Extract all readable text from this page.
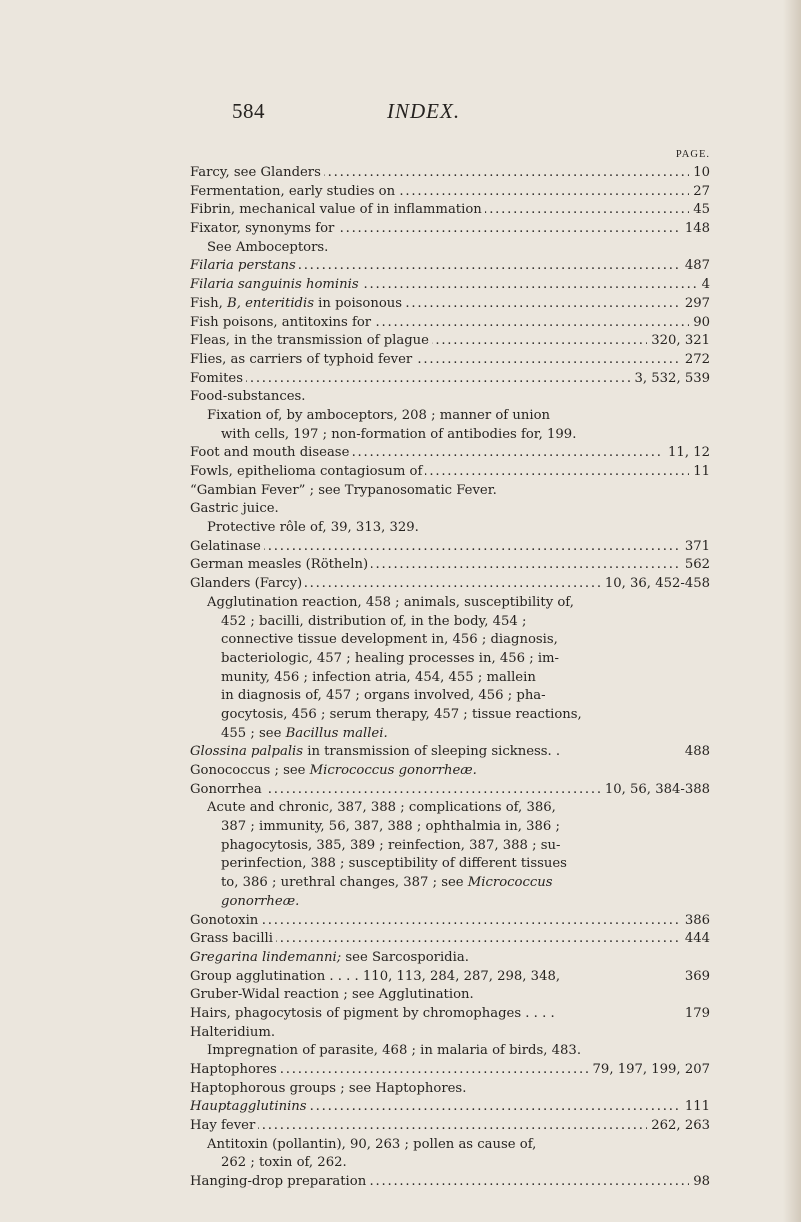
584	INDEX.
PAGE.
. . . Farcy, see Glanders	10
. . . Fermentation, early studies on	27
. . . Fibrin, mechanical value of in inflammation	45
. . . Fixator, synonyms for	148
See Amboceptors.
. . . Filaria perstans	487
. . . Filaria sanguinis hominis	4
. . . Fish, B, enteritidis in poisonous	297
. . . Fish poisons, antitoxins for	90
. . . Fleas, in the transmission of plague	320, 321
. . . Flies, as carriers of typhoid fever	272
. . . Fomites	3, 532, 539
Food-substances.
Fixation of, by amboceptors, 208 ; manner of union
with cells, 197 ; non-formation of antibodies for, 199.
. . . Foot and mouth disease	11, 12
. . . Fowls, epithelioma contagiosum of	11
“Gambian Fever” ; see Trypanosomatic Fever.
Gastric juice.
Protective rôle of, 39, 313, 329.
. . . Gelatinase	371
. . . German measles (Rötheln)	562
. . . Glanders (Farcy)	10, 36, 452-458
Agglutination reaction, 458 ; animals, susceptibility of,
452 ; bacilli, distribution of, in the body, 454 ;
connective tissue development in, 456 ; diagnosis,
bacteriologic, 457 ; healing processes in, 456 ; im-
munity, 456 ; infection atria, 454, 455 ; mallein
in diagnosis of, 457 ; organs involved, 456 ; pha-
gocytosis, 456 ; serum therapy, 457 ; tissue reactions,
455 ; see Bacillus mallei.
Glossina palpalis in transmission of sleeping sickness. .	488
Gonococcus ; see Micrococcus gonorrheæ.
. . . Gonorrhea	10, 56, 384-388
Acute and chronic, 387, 388 ; complications of, 386,
387 ; immunity, 56, 387, 388 ; ophthalmia in, 386 ;
phagocytosis, 385, 389 ; reinfection, 387, 388 ; su-
perinfection, 388 ; susceptibility of different tissues
to, 386 ; urethral changes, 387 ; see Micrococcus
gonorrheæ.
. . . Gonotoxin	386
. . . Grass bacilli	444
Gregarina lindemanni; see Sarcosporidia.
Group agglutination . . . . 110, 113, 284, 287, 298, 348,	369
Gruber-Widal reaction ; see Agglutination.
Hairs, phagocytosis of pigment by chromophages . . . .	179
Halteridium.
Impregnation of parasite, 468 ; in malaria of birds, 483.
. . . Haptophores	79, 197, 199, 207
Haptophorous groups ; see Haptophores.
. . . Hauptagglutinins	111
. . . Hay fever	262, 263
Antitoxin (pollantin), 90, 263 ; pollen as cause of,
262 ; toxin of, 262.
. . . Hanging-drop preparation	98
